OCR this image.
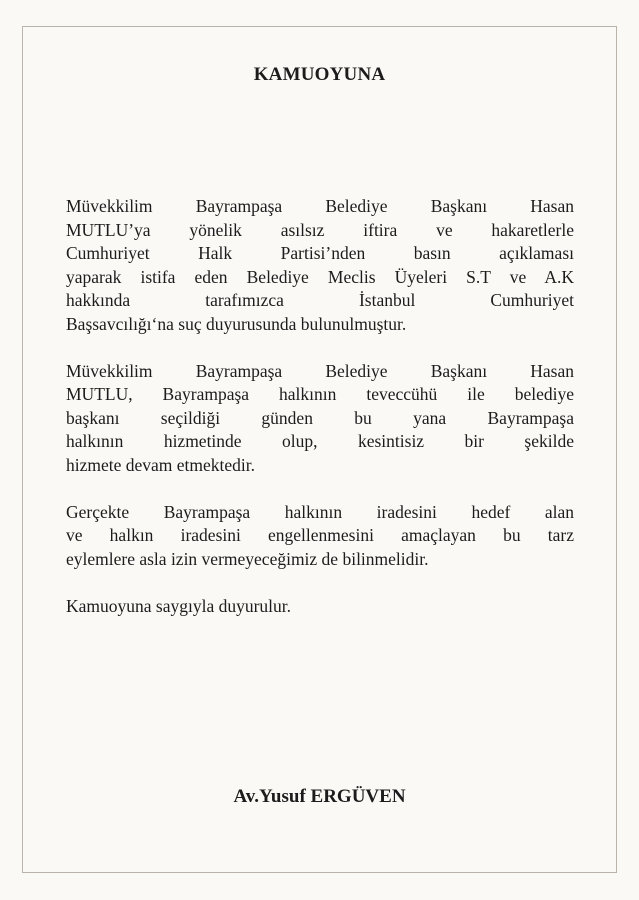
KAMUOYUNA
Müvekkilim Bayrampaşa Belediye Başkanı Hasan
MUTLU’ya yönelik asılsız iftira ve hakaretlerle
Cumhuriyet Halk Partisi’nden basın açıklaması
yaparak istifa eden Belediye Meclis Üyeleri S.T ve A.K
hakkında tarafımızca İstanbul Cumhuriyet
Başsavcılığı‘na suç duyurusunda bulunulmuştur.
Müvekkilim Bayrampaşa Belediye Başkanı Hasan
MUTLU, Bayrampaşa halkının teveccühü ile belediye
başkanı seçildiği günden bu yana Bayrampaşa
halkının hizmetinde olup, kesintisiz bir şekilde
hizmete devam etmektedir.
Gerçekte Bayrampaşa halkının iradesini hedef alan
ve halkın iradesini engellenmesini amaçlayan bu tarz
eylemlere asla izin vermeyeceğimiz de bilinmelidir.
Kamuoyuna saygıyla duyurulur.
Av.Yusuf ERGÜVEN
